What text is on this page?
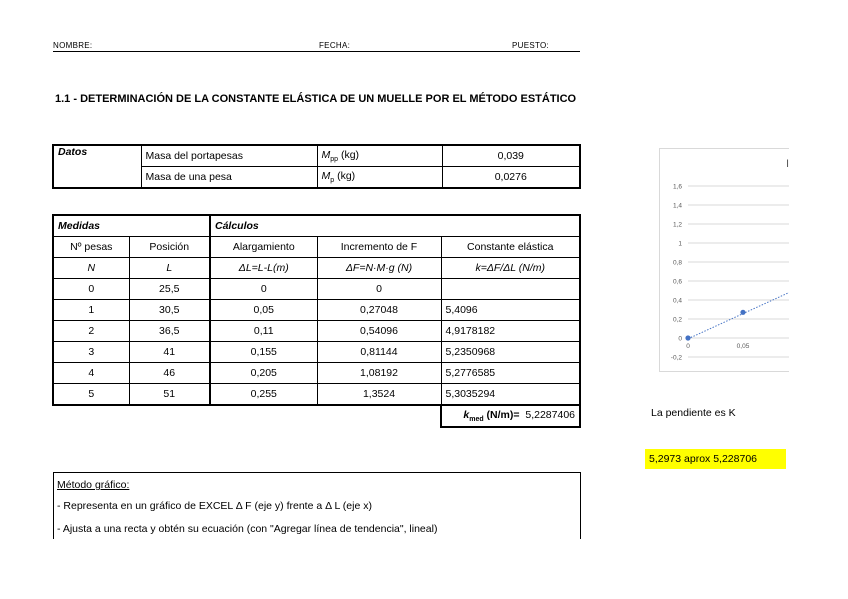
NOMBRE:	FECHA:	PUESTO:
1.1 - DETERMINACIÓN DE LA CONSTANTE ELÁSTICA DE UN MUELLE POR EL MÉTODO ESTÁTICO
Datos	Masa del portapesas	$M_{pp}$ (kg)	0,039
	Masa de una pesa	$M_p$ (kg)	0,0276
Medidas		Cálculos		
Nº pesas	Posición	Alargamiento	Incremento de F	Constante elástica
N	L	ΔL=L-L(m)	ΔF=N·M·g (N)	k=ΔF/ΔL (N/m)
0	25,5	0	0	
1	30,5	0,05	0,27048	5,4096
2	36,5	0,11	0,54096	4,9178182
3	41	0,155	0,81144	5,2350968
4	46	0,205	1,08192	5,2776585
5	51	0,255	1,3524	5,3035294
				$k_{med}$ (N/m)= 5,2287406
Método gráfico:
- Representa en un gráfico de EXCEL Δ F (eje y) frente a Δ L (eje x)
- Ajusta a una recta y obtén su ecuación (con "Agregar línea de tendencia", lineal)
I
1,6
1,4
1,2
1
0,8
0,6
0,4
0,2
0
-0,2
0	0,05
La pendiente es K
5,2973 aprox 5,228706
